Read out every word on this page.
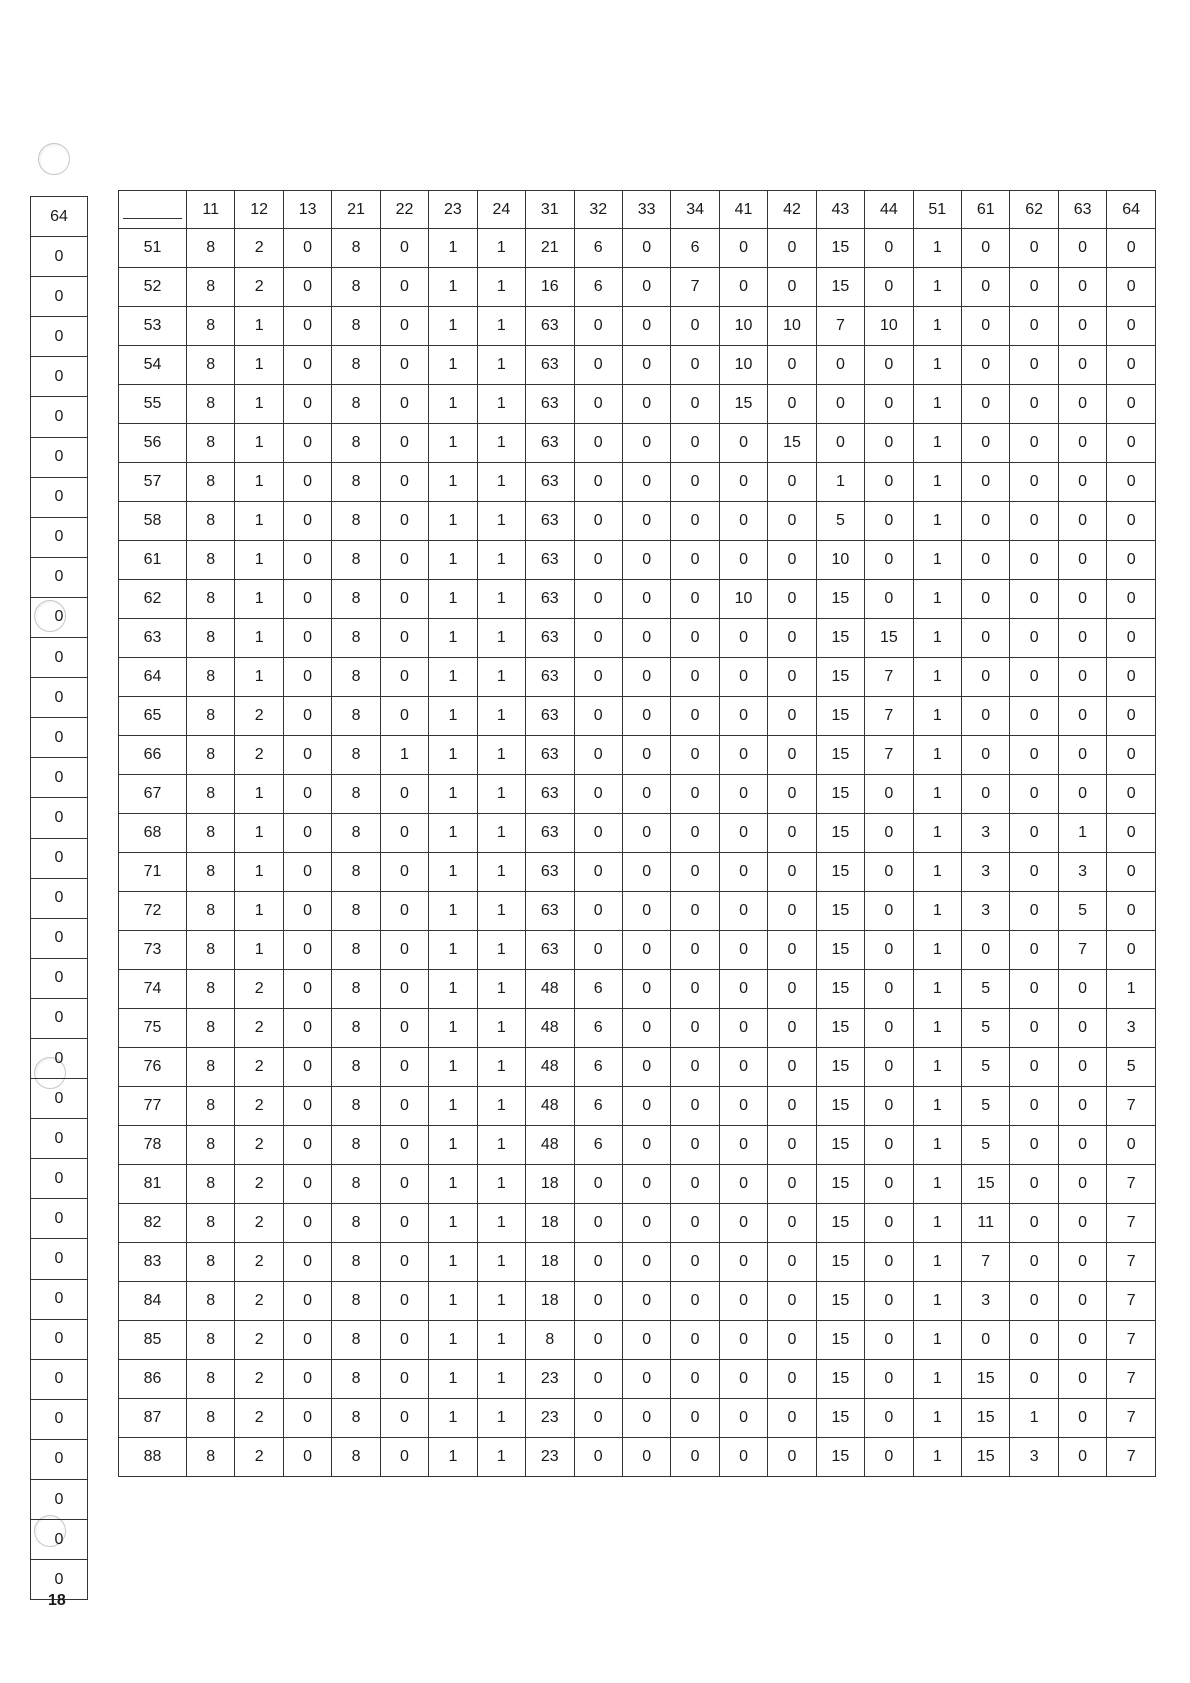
64
0
0
0
0
0
0
0
0
0
0
0
0
0
0
0
0
0
0
0
0
0
0
0
0
0
0
0
0
0
0
0
0
0
0
	11	12	13	21	22	23	24	31	32	33	34	41	42	43	44	51	61	62	63	64
51	8	2	0	8	0	1	1	21	6	0	6	0	0	15	0	1	0	0	0	0
52	8	2	0	8	0	1	1	16	6	0	7	0	0	15	0	1	0	0	0	0
53	8	1	0	8	0	1	1	63	0	0	0	10	10	7	10	1	0	0	0	0
54	8	1	0	8	0	1	1	63	0	0	0	10	0	0	0	1	0	0	0	0
55	8	1	0	8	0	1	1	63	0	0	0	15	0	0	0	1	0	0	0	0
56	8	1	0	8	0	1	1	63	0	0	0	0	15	0	0	1	0	0	0	0
57	8	1	0	8	0	1	1	63	0	0	0	0	0	1	0	1	0	0	0	0
58	8	1	0	8	0	1	1	63	0	0	0	0	0	5	0	1	0	0	0	0
61	8	1	0	8	0	1	1	63	0	0	0	0	0	10	0	1	0	0	0	0
62	8	1	0	8	0	1	1	63	0	0	0	10	0	15	0	1	0	0	0	0
63	8	1	0	8	0	1	1	63	0	0	0	0	0	15	15	1	0	0	0	0
64	8	1	0	8	0	1	1	63	0	0	0	0	0	15	7	1	0	0	0	0
65	8	2	0	8	0	1	1	63	0	0	0	0	0	15	7	1	0	0	0	0
66	8	2	0	8	1	1	1	63	0	0	0	0	0	15	7	1	0	0	0	0
67	8	1	0	8	0	1	1	63	0	0	0	0	0	15	0	1	0	0	0	0
68	8	1	0	8	0	1	1	63	0	0	0	0	0	15	0	1	3	0	1	0
71	8	1	0	8	0	1	1	63	0	0	0	0	0	15	0	1	3	0	3	0
72	8	1	0	8	0	1	1	63	0	0	0	0	0	15	0	1	3	0	5	0
73	8	1	0	8	0	1	1	63	0	0	0	0	0	15	0	1	0	0	7	0
74	8	2	0	8	0	1	1	48	6	0	0	0	0	15	0	1	5	0	0	1
75	8	2	0	8	0	1	1	48	6	0	0	0	0	15	0	1	5	0	0	3
76	8	2	0	8	0	1	1	48	6	0	0	0	0	15	0	1	5	0	0	5
77	8	2	0	8	0	1	1	48	6	0	0	0	0	15	0	1	5	0	0	7
78	8	2	0	8	0	1	1	48	6	0	0	0	0	15	0	1	5	0	0	0
81	8	2	0	8	0	1	1	18	0	0	0	0	0	15	0	1	15	0	0	7
82	8	2	0	8	0	1	1	18	0	0	0	0	0	15	0	1	11	0	0	7
83	8	2	0	8	0	1	1	18	0	0	0	0	0	15	0	1	7	0	0	7
84	8	2	0	8	0	1	1	18	0	0	0	0	0	15	0	1	3	0	0	7
85	8	2	0	8	0	1	1	8	0	0	0	0	0	15	0	1	0	0	0	7
86	8	2	0	8	0	1	1	23	0	0	0	0	0	15	0	1	15	0	0	7
87	8	2	0	8	0	1	1	23	0	0	0	0	0	15	0	1	15	1	0	7
88	8	2	0	8	0	1	1	23	0	0	0	0	0	15	0	1	15	3	0	7
18
